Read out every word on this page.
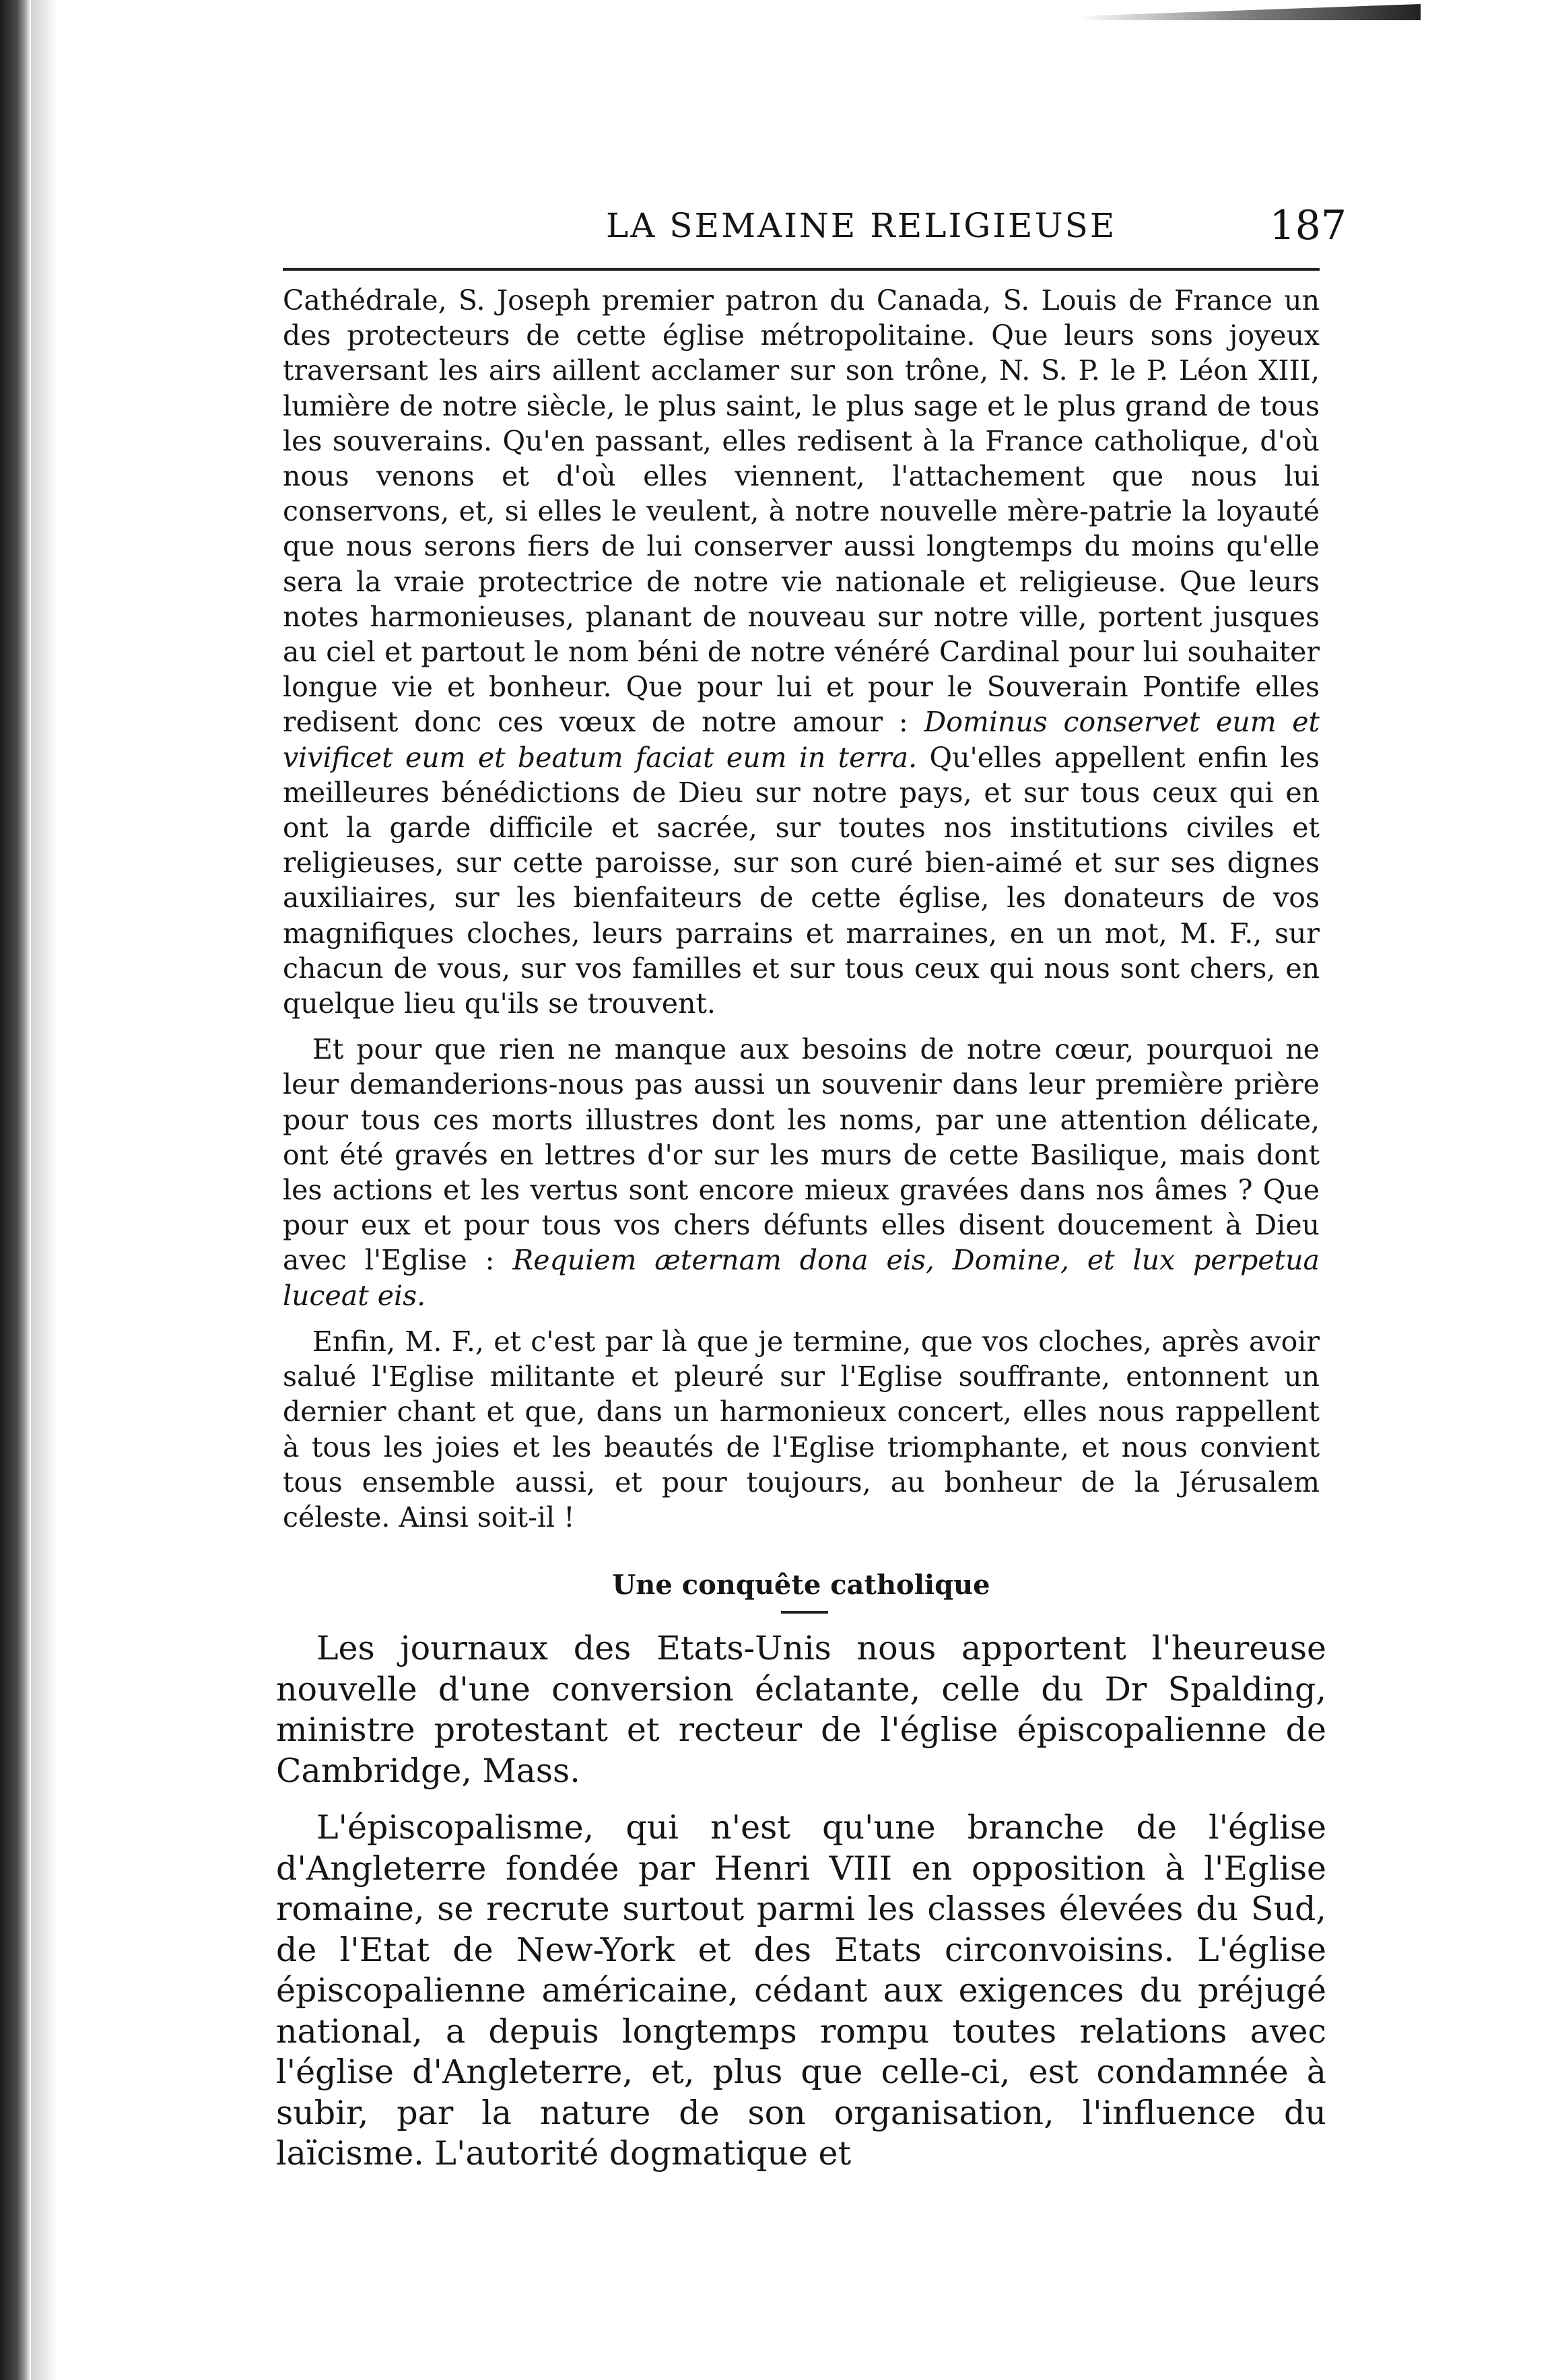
LA SEMAINE RELIGIEUSE	187

Cathédrale, S. Joseph premier patron du Canada, S. Louis de France un des protecteurs de cette église métropolitaine. Que leurs sons joyeux traversant les airs aillent acclamer sur son trône, N. S. P. le P. Léon XIII, lumière de notre siècle, le plus saint, le plus sage et le plus grand de tous les souverains. Qu'en passant, elles redisent à la France catholique, d'où nous venons et d'où elles viennent, l'attachement que nous lui conservons, et, si elles le veulent, à notre nouvelle mère-patrie la loyauté que nous serons fiers de lui conserver aussi longtemps du moins qu'elle sera la vraie protectrice de notre vie nationale et religieuse. Que leurs notes harmonieuses, planant de nouveau sur notre ville, portent jusques au ciel et partout le nom béni de notre vénéré Cardinal pour lui souhaiter longue vie et bonheur. Que pour lui et pour le Souverain Pontife elles redisent donc ces vœux de notre amour : Dominus conservet eum et vivificet eum et beatum faciat eum in terra. Qu'elles appellent enfin les meilleures bénédictions de Dieu sur notre pays, et sur tous ceux qui en ont la garde difficile et sacrée, sur toutes nos institutions civiles et religieuses, sur cette paroisse, sur son curé bien-aimé et sur ses dignes auxiliaires, sur les bienfaiteurs de cette église, les donateurs de vos magnifiques cloches, leurs parrains et marraines, en un mot, M. F., sur chacun de vous, sur vos familles et sur tous ceux qui nous sont chers, en quelque lieu qu'ils se trouvent.

Et pour que rien ne manque aux besoins de notre cœur, pourquoi ne leur demanderions-nous pas aussi un souvenir dans leur première prière pour tous ces morts illustres dont les noms, par une attention délicate, ont été gravés en lettres d'or sur les murs de cette Basilique, mais dont les actions et les vertus sont encore mieux gravées dans nos âmes ? Que pour eux et pour tous vos chers défunts elles disent doucement à Dieu avec l'Eglise : Requiem æternam dona eis, Domine, et lux perpetua luceat eis.

Enfin, M. F., et c'est par là que je termine, que vos cloches, après avoir salué l'Eglise militante et pleuré sur l'Eglise souffrante, entonnent un dernier chant et que, dans un harmonieux concert, elles nous rappellent à tous les joies et les beautés de l'Eglise triomphante, et nous convient tous ensemble aussi, et pour toujours, au bonheur de la Jérusalem céleste. Ainsi soit-il !

Une conquête catholique

Les journaux des Etats-Unis nous apportent l'heureuse nouvelle d'une conversion éclatante, celle du Dr Spalding, ministre protestant et recteur de l'église épiscopalienne de Cambridge, Mass.

L'épiscopalisme, qui n'est qu'une branche de l'église d'Angleterre fondée par Henri VIII en opposition à l'Eglise romaine, se recrute surtout parmi les classes élevées du Sud, de l'Etat de New-York et des Etats circonvoisins. L'église épiscopalienne américaine, cédant aux exigences du préjugé national, a depuis longtemps rompu toutes relations avec l'église d'Angleterre, et, plus que celle-ci, est condamnée à subir, par la nature de son organisation, l'influence du laïcisme. L'autorité dogmatique et
